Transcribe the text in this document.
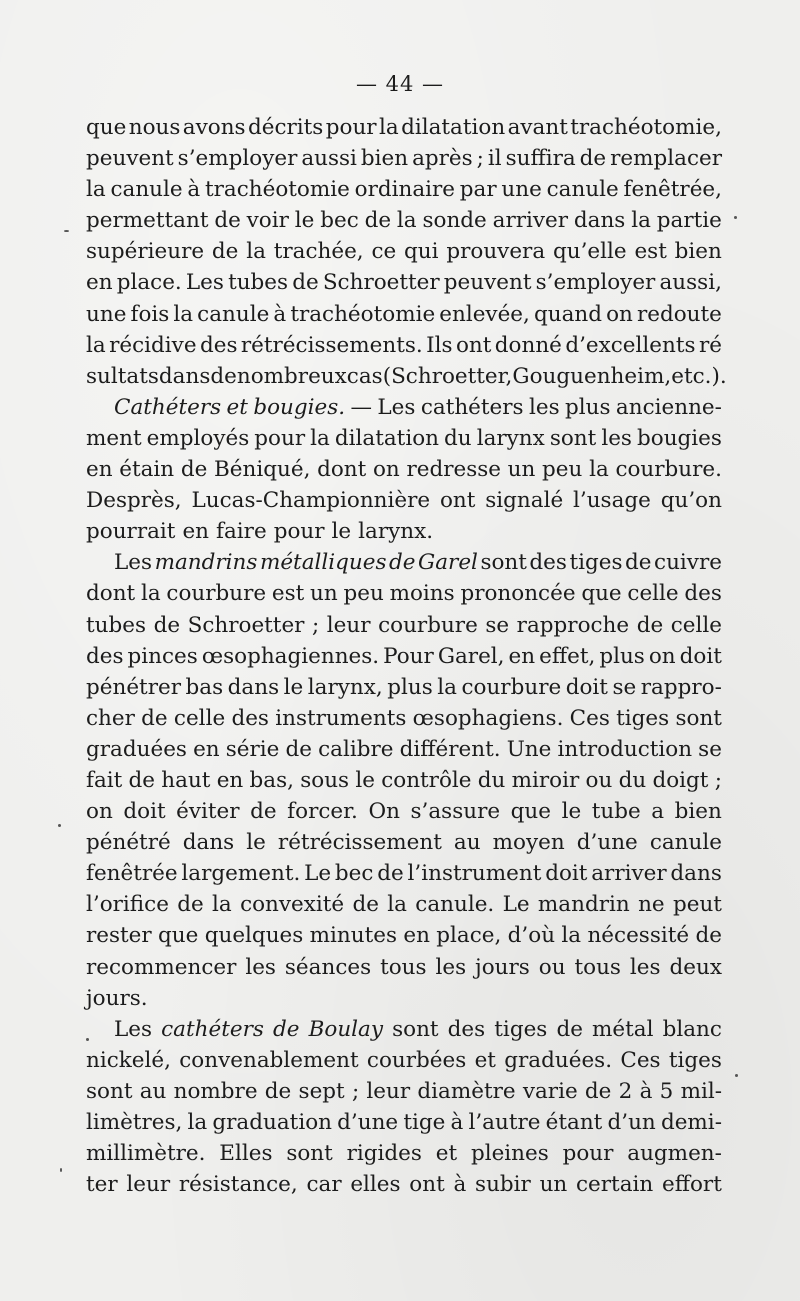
— 44 —
que nous avons décrits pour la dilatation avant trachéotomie,
peuvent s’employer aussi bien après ; il suffira de remplacer
la canule à trachéotomie ordinaire par une canule fenêtrée,
permettant de voir le bec de la sonde arriver dans la partie
supérieure de la trachée, ce qui prouvera qu’elle est bien
en place. Les tubes de Schroetter peuvent s’employer aussi,
une fois la canule à trachéotomie enlevée, quand on redoute
la récidive des rétrécissements. Ils ont donné d’excellents ré
sultats dans de nombreux cas (Schroetter, Gouguenheim, etc.).
Cathéters et bougies. — Les cathéters les plus ancienne-
ment employés pour la dilatation du larynx sont les bougies
en étain de Béniqué, dont on redresse un peu la courbure.
Desprès, Lucas-Championnière ont signalé l’usage qu’on
pourrait en faire pour le larynx.
Les mandrins métalliques de Garel sont des tiges de cuivre
dont la courbure est un peu moins prononcée que celle des
tubes de Schroetter ; leur courbure se rapproche de celle
des pinces œsophagiennes. Pour Garel, en effet, plus on doit
pénétrer bas dans le larynx, plus la courbure doit se rappro-
cher de celle des instruments œsophagiens. Ces tiges sont
graduées en série de calibre différent. Une introduction se
fait de haut en bas, sous le contrôle du miroir ou du doigt ;
on doit éviter de forcer. On s’assure que le tube a bien
pénétré dans le rétrécissement au moyen d’une canule
fenêtrée largement. Le bec de l’instrument doit arriver dans
l’orifice de la convexité de la canule. Le mandrin ne peut
rester que quelques minutes en place, d’où la nécessité de
recommencer les séances tous les jours ou tous les deux
jours.
Les cathéters de Boulay sont des tiges de métal blanc
nickelé, convenablement courbées et graduées. Ces tiges
sont au nombre de sept ; leur diamètre varie de 2 à 5 mil-
limètres, la graduation d’une tige à l’autre étant d’un demi-
millimètre. Elles sont rigides et pleines pour augmen-
ter leur résistance, car elles ont à subir un certain effort
